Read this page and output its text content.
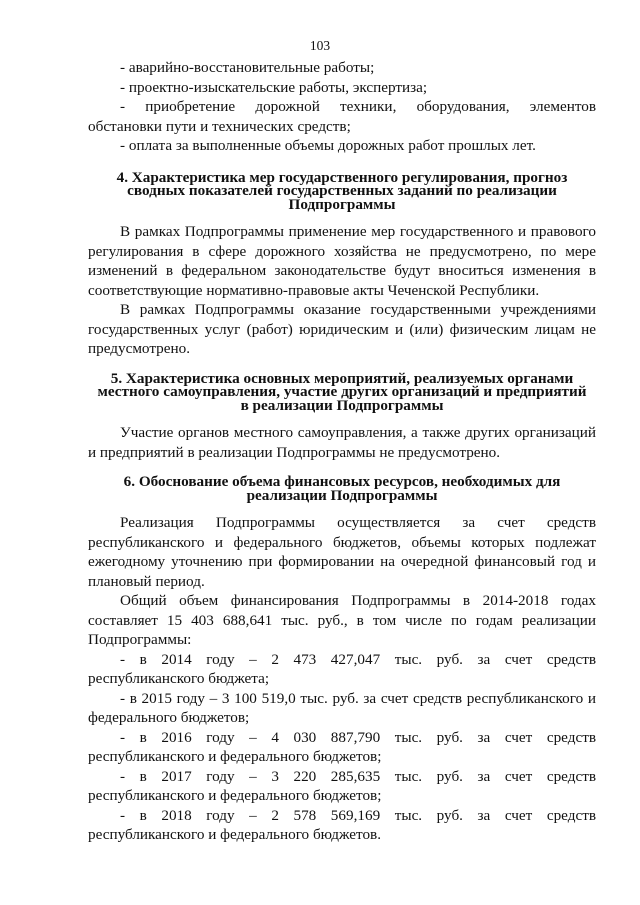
103
- аварийно-восстановительные работы;
- проектно-изыскательские работы, экспертиза;
- приобретение дорожной техники, оборудования, элементов
обстановки пути и технических средств;
- оплата за выполненные объемы дорожных работ прошлых лет.
4. Характеристика мер государственного регулирования, прогноз
сводных показателей государственных заданий по реализации
Подпрограммы
В рамках Подпрограммы применение мер государственного и правового
регулирования в сфере дорожного хозяйства не предусмотрено, по мере
изменений в федеральном законодательстве будут вноситься изменения в
соответствующие нормативно-правовые акты Чеченской Республики.
В рамках Подпрограммы оказание государственными учреждениями
государственных услуг (работ) юридическим и (или) физическим лицам не
предусмотрено.
5. Характеристика основных мероприятий, реализуемых органами
местного самоуправления, участие других организаций и предприятий
в реализации Подпрограммы
Участие органов местного самоуправления, а также других организаций
и предприятий в реализации Подпрограммы не предусмотрено.
6. Обоснование объема финансовых ресурсов, необходимых для
реализации Подпрограммы
Реализация Подпрограммы осуществляется за счет средств
республиканского и федерального бюджетов, объемы которых подлежат
ежегодному уточнению при формировании на очередной финансовый год и
плановый период.
Общий объем финансирования Подпрограммы в 2014-2018 годах
составляет 15 403 688,641 тыс. руб., в том числе по годам реализации
Подпрограммы:
- в 2014 году – 2 473 427,047 тыс. руб. за счет средств
республиканского бюджета;
- в 2015 году – 3 100 519,0 тыс. руб. за счет средств республиканского и
федерального бюджетов;
- в 2016 году – 4 030 887,790 тыс. руб. за счет средств
республиканского и федерального бюджетов;
- в 2017 году – 3 220 285,635 тыс. руб. за счет средств
республиканского и федерального бюджетов;
- в 2018 году – 2 578 569,169 тыс. руб. за счет средств
республиканского и федерального бюджетов.
